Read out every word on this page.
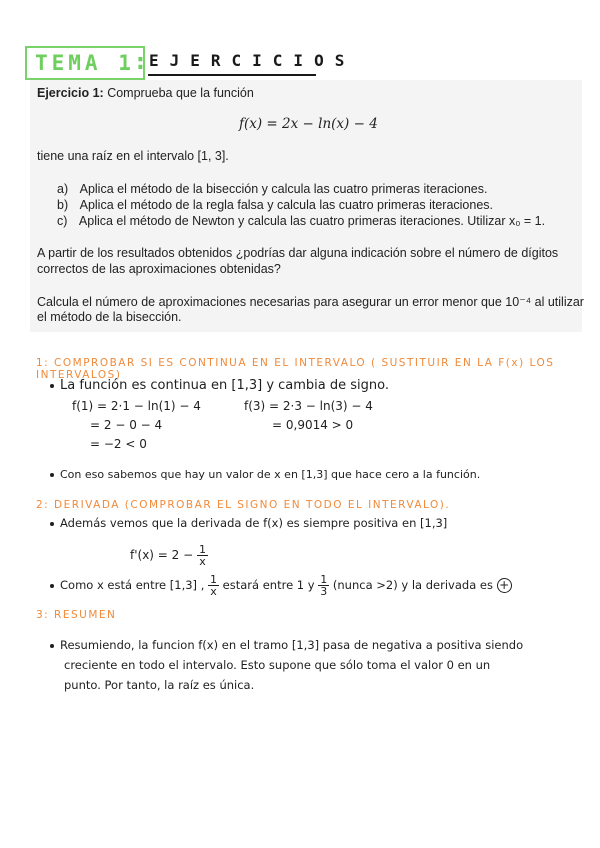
TEMA 1 : EJERCICIOS
Ejercicio 1: Comprueba que la función
f(x) = 2x − ln(x) − 4
tiene una raíz en el intervalo [1, 3].
a) Aplica el método de la bisección y calcula las cuatro primeras iteraciones.
b) Aplica el método de la regla falsa y calcula las cuatro primeras iteraciones.
c) Aplica el método de Newton y calcula las cuatro primeras iteraciones. Utilizar x₀ = 1.
A partir de los resultados obtenidos ¿podrías dar alguna indicación sobre el número de dígitos
correctos de las aproximaciones obtenidas?
Calcula el número de aproximaciones necesarias para asegurar un error menor que 10⁻⁴ al utilizar
el método de la bisección.
1: COMPROBAR SI ES CONTINUA EN EL INTERVALO ( SUSTITUIR EN LA F(x) LOS INTERVALOS)
La función es continua en [1,3] y cambia de signo.
f(1) = 2·1 − ln(1) − 4
= 2 − 0 − 4
= −2 < 0
f(3) = 2·3 − ln(3) − 4
= 0,9014 > 0
Con eso sabemos que hay un valor de x en [1,3] que hace cero a la función.
2: DERIVADA (COMPROBAR EL SIGNO EN TODO EL INTERVALO).
Además vemos que la derivada de f(x) es siempre positiva en [1,3]
$f'(x) = 2 - \frac{1}{x}$
Como x está entre [1,3] , $\frac{1}{x}$ estará entre 1 y $\frac{1}{3}$ (nunca >2) y la derivada es +
3: RESUMEN
Resumiendo, la funcion f(x) en el tramo [1,3] pasa de negativa a positiva siendo
creciente en todo el intervalo. Esto supone que sólo toma el valor 0 en un
punto. Por tanto, la raíz es única.
